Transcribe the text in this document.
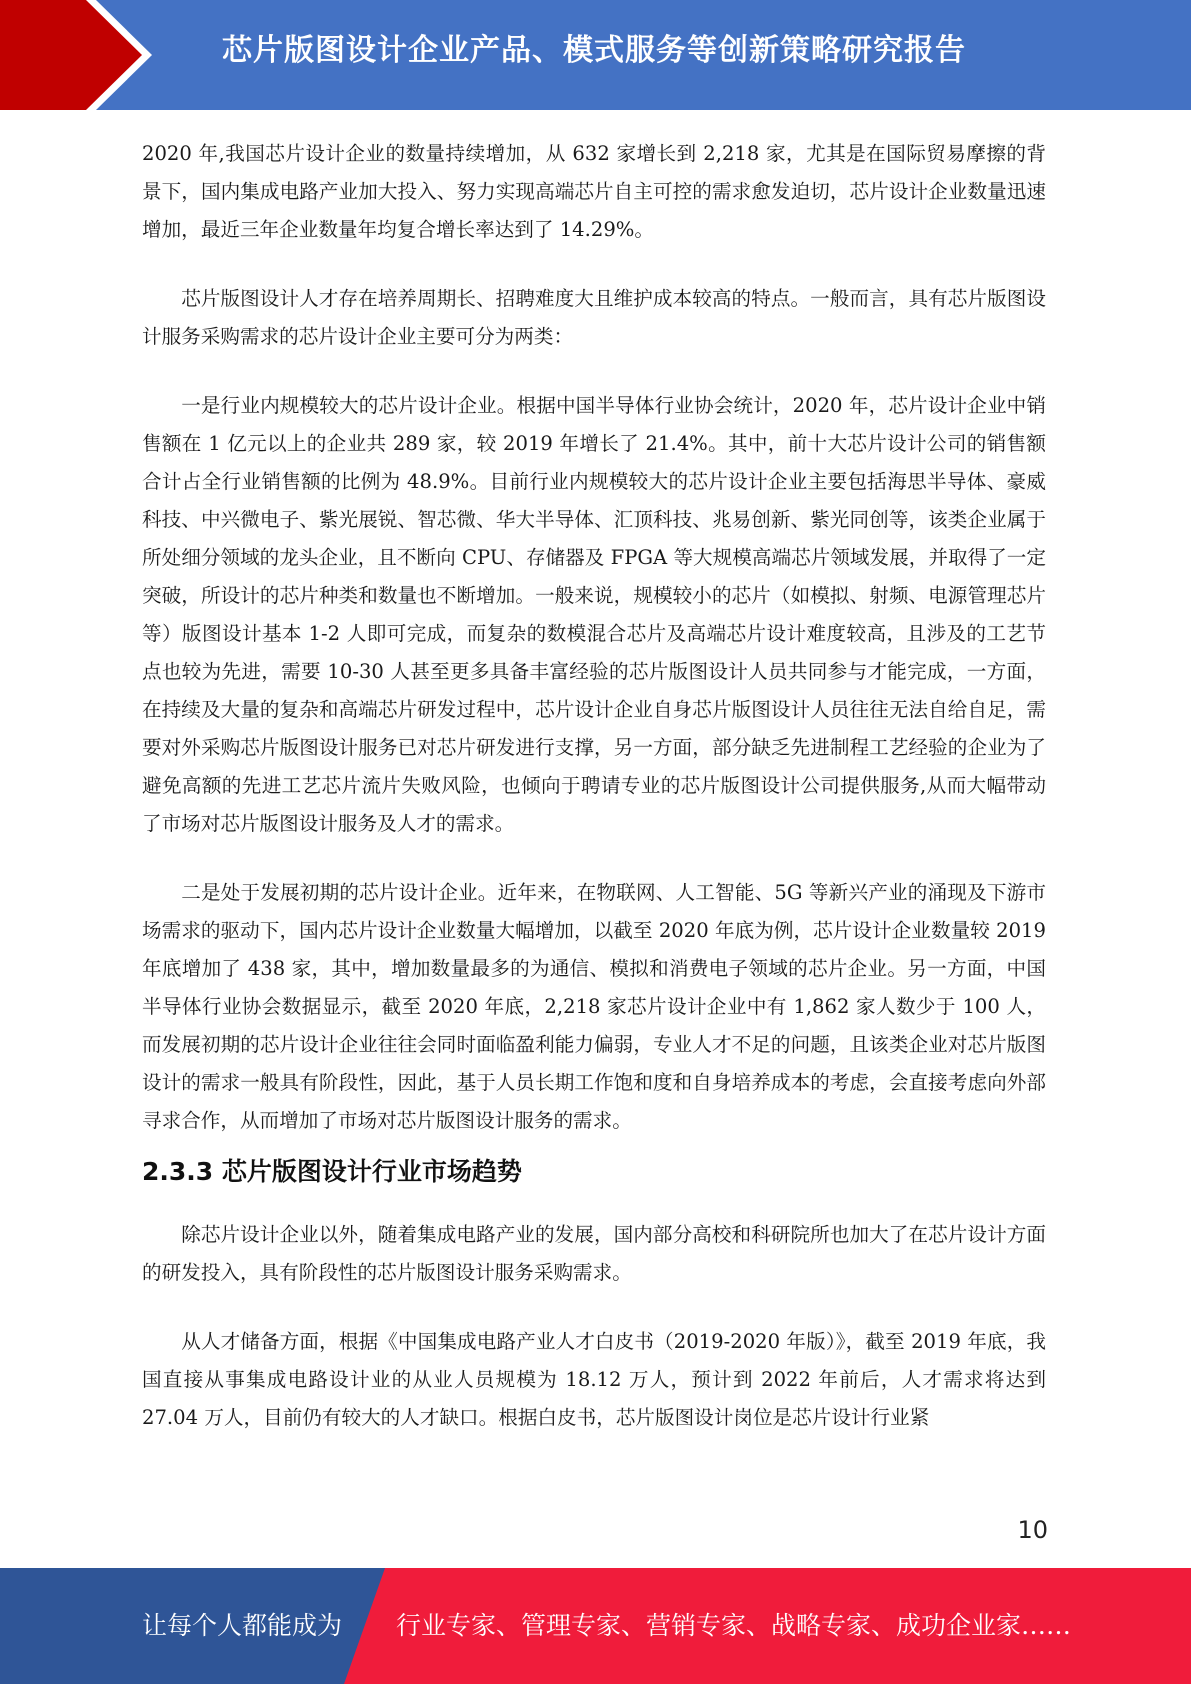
芯片版图设计企业产品、模式服务等创新策略研究报告

2020 年,我国芯片设计企业的数量持续增加，从 632 家增长到 2,218 家，尤其是在国际贸易摩擦的背景下，国内集成电路产业加大投入、努力实现高端芯片自主可控的需求愈发迫切，芯片设计企业数量迅速增加，最近三年企业数量年均复合增长率达到了 14.29%。

芯片版图设计人才存在培养周期长、招聘难度大且维护成本较高的特点。一般而言，具有芯片版图设计服务采购需求的芯片设计企业主要可分为两类：

一是行业内规模较大的芯片设计企业。根据中国半导体行业协会统计，2020 年，芯片设计企业中销售额在 1 亿元以上的企业共 289 家，较 2019 年增长了 21.4%。其中，前十大芯片设计公司的销售额合计占全行业销售额的比例为 48.9%。目前行业内规模较大的芯片设计企业主要包括海思半导体、豪威科技、中兴微电子、紫光展锐、智芯微、华大半导体、汇顶科技、兆易创新、紫光同创等，该类企业属于所处细分领域的龙头企业，且不断向 CPU、存储器及 FPGA 等大规模高端芯片领域发展，并取得了一定突破，所设计的芯片种类和数量也不断增加。一般来说，规模较小的芯片（如模拟、射频、电源管理芯片等）版图设计基本 1-2 人即可完成，而复杂的数模混合芯片及高端芯片设计难度较高，且涉及的工艺节点也较为先进，需要 10-30 人甚至更多具备丰富经验的芯片版图设计人员共同参与才能完成，一方面，在持续及大量的复杂和高端芯片研发过程中，芯片设计企业自身芯片版图设计人员往往无法自给自足，需要对外采购芯片版图设计服务已对芯片研发进行支撑，另一方面，部分缺乏先进制程工艺经验的企业为了避免高额的先进工艺芯片流片失败风险，也倾向于聘请专业的芯片版图设计公司提供服务,从而大幅带动了市场对芯片版图设计服务及人才的需求。

二是处于发展初期的芯片设计企业。近年来，在物联网、人工智能、5G 等新兴产业的涌现及下游市场需求的驱动下，国内芯片设计企业数量大幅增加，以截至 2020 年底为例，芯片设计企业数量较 2019 年底增加了 438 家，其中，增加数量最多的为通信、模拟和消费电子领域的芯片企业。另一方面，中国半导体行业协会数据显示，截至 2020 年底，2,218 家芯片设计企业中有 1,862 家人数少于 100 人，而发展初期的芯片设计企业往往会同时面临盈利能力偏弱，专业人才不足的问题，且该类企业对芯片版图设计的需求一般具有阶段性，因此，基于人员长期工作饱和度和自身培养成本的考虑，会直接考虑向外部寻求合作，从而增加了市场对芯片版图设计服务的需求。

2.3.3 芯片版图设计行业市场趋势

除芯片设计企业以外，随着集成电路产业的发展，国内部分高校和科研院所也加大了在芯片设计方面的研发投入，具有阶段性的芯片版图设计服务采购需求。

从人才储备方面，根据《中国集成电路产业人才白皮书（2019-2020 年版）》，截至 2019 年底，我国直接从事集成电路设计业的从业人员规模为 18.12 万人，预计到 2022 年前后，人才需求将达到 27.04 万人，目前仍有较大的人才缺口。根据白皮书，芯片版图设计岗位是芯片设计行业紧

10
让每个人都能成为 行业专家、管理专家、营销专家、战略专家、成功企业家……
